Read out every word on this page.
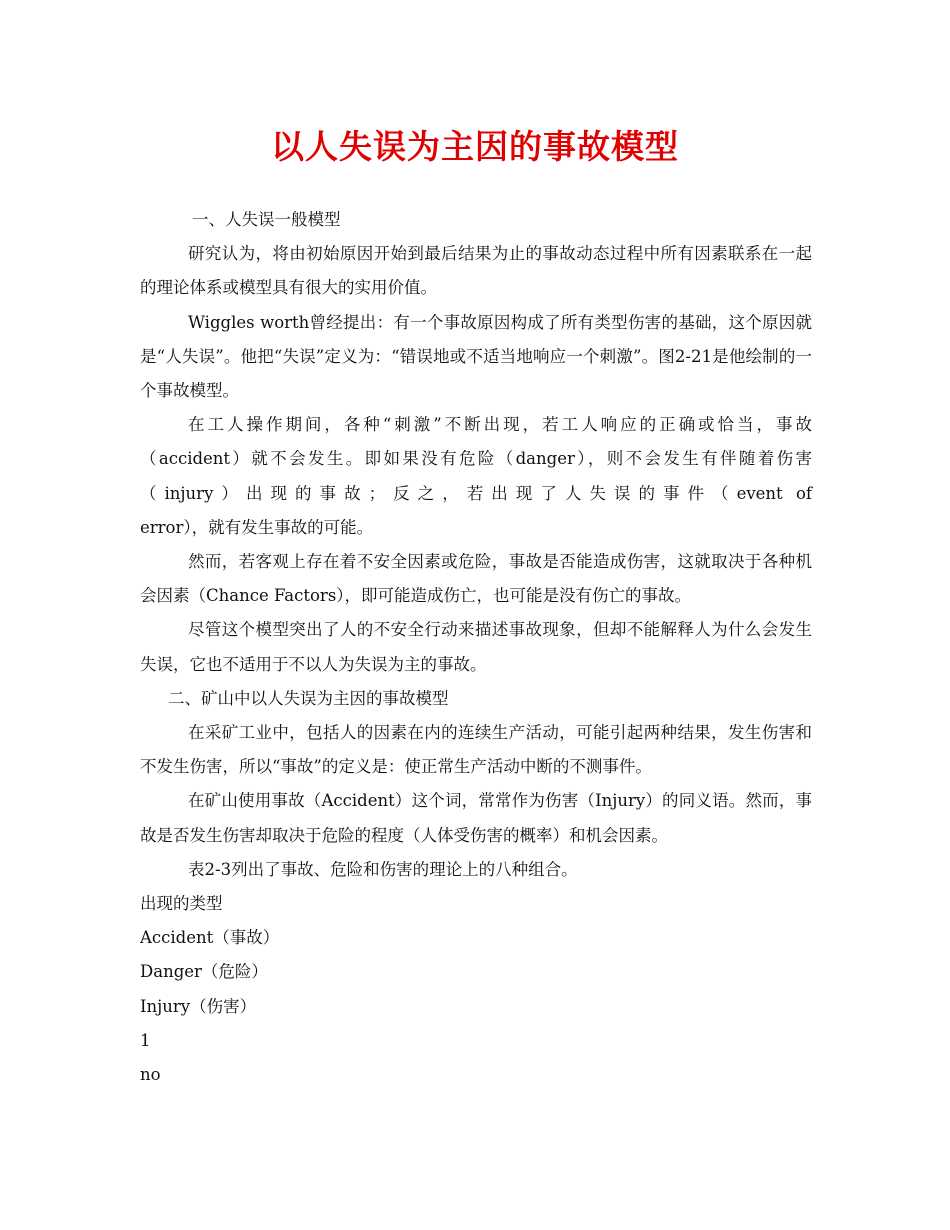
以人失误为主因的事故模型

一、人失误一般模型

研究认为，将由初始原因开始到最后结果为止的事故动态过程中所有因素联系在一起的理论体系或模型具有很大的实用价值。

Wiggles worth曾经提出：有一个事故原因构成了所有类型伤害的基础，这个原因就是“人失误”。他把“失误”定义为：“错误地或不适当地响应一个刺激”。图2-21是他绘制的一个事故模型。

在工人操作期间，各种“刺激”不断出现，若工人响应的正确或恰当，事故（accident）就不会发生。即如果没有危险（danger），则不会发生有伴随着伤害

（injury）出现的事故；反之，若出现了人失误的事件（event of

error），就有发生事故的可能。

然而，若客观上存在着不安全因素或危险，事故是否能造成伤害，这就取决于各种机会因素（Chance Factors），即可能造成伤亡，也可能是没有伤亡的事故。

尽管这个模型突出了人的不安全行动来描述事故现象，但却不能解释人为什么会发生失误，它也不适用于不以人为失误为主的事故。

二、矿山中以人失误为主因的事故模型

在采矿工业中，包括人的因素在内的连续生产活动，可能引起两种结果，发生伤害和不发生伤害，所以“事故”的定义是：使正常生产活动中断的不测事件。

在矿山使用事故（Accident）这个词，常常作为伤害（Injury）的同义语。然而，事故是否发生伤害却取决于危险的程度（人体受伤害的概率）和机会因素。

表2-3列出了事故、危险和伤害的理论上的八种组合。

出现的类型

Accident（事故）

Danger（危险）

Injury（伤害）

1

no
